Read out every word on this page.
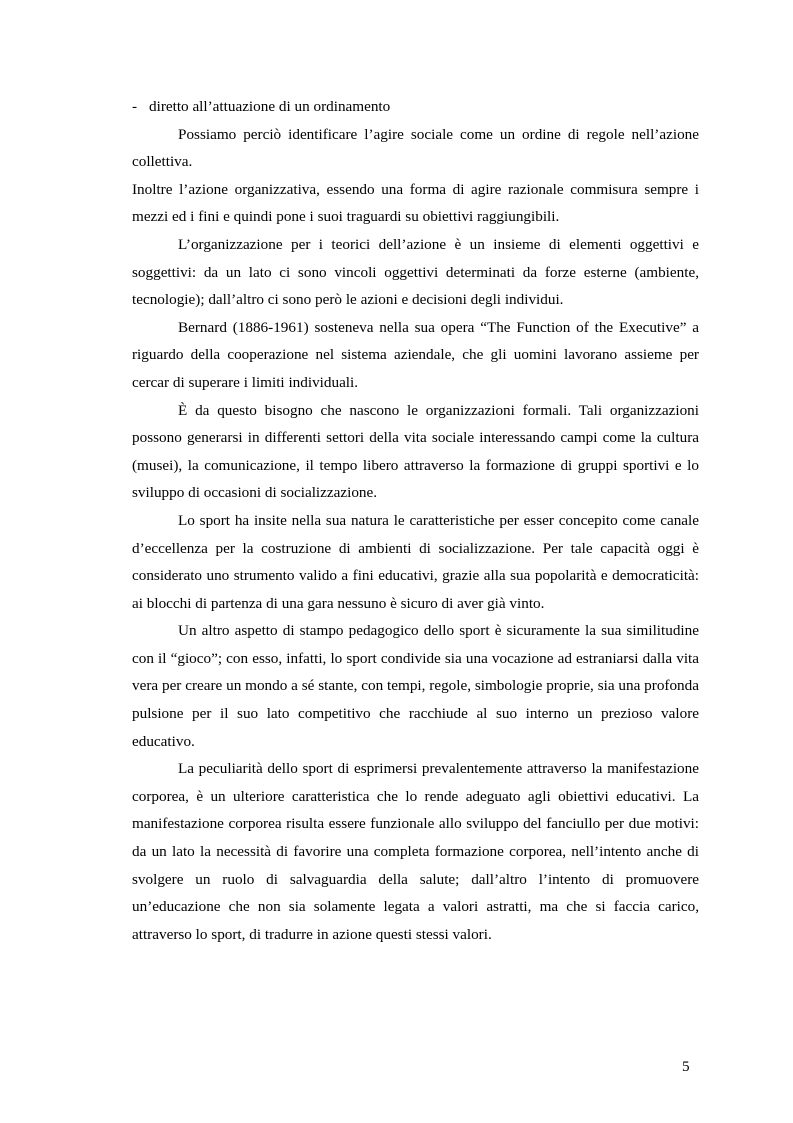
- diretto all’attuazione di un ordinamento

Possiamo perciò identificare l’agire sociale come un ordine di regole nell’azione collettiva.

Inoltre l’azione organizzativa, essendo una forma di agire razionale commisura sempre i mezzi ed i fini e quindi pone i suoi traguardi su obiettivi raggiungibili.

L’organizzazione per i teorici dell’azione è un insieme di elementi oggettivi e soggettivi: da un lato ci sono vincoli oggettivi determinati da forze esterne (ambiente, tecnologie); dall’altro ci sono però le azioni e decisioni degli individui.

Bernard (1886-1961) sosteneva nella sua opera “The Function of the Executive” a riguardo della cooperazione nel sistema aziendale, che gli uomini lavorano assieme per cercar di superare i limiti individuali.

È da questo bisogno che nascono le organizzazioni formali. Tali organizzazioni possono generarsi in differenti settori della vita sociale interessando campi come la cultura (musei), la comunicazione, il tempo libero attraverso la formazione di gruppi sportivi e lo sviluppo di occasioni di socializzazione.

Lo sport ha insite nella sua natura le caratteristiche per esser concepito come canale d’eccellenza per la costruzione di ambienti di socializzazione. Per tale capacità oggi è considerato uno strumento valido a fini educativi, grazie alla sua popolarità e democraticità: ai blocchi di partenza di una gara nessuno è sicuro di aver già vinto.

Un altro aspetto di stampo pedagogico dello sport è sicuramente la sua similitudine con il “gioco”; con esso, infatti, lo sport condivide sia una vocazione ad estraniarsi dalla vita vera per creare un mondo a sé stante, con tempi, regole, simbologie proprie, sia una profonda pulsione per il suo lato competitivo che racchiude al suo interno un prezioso valore educativo.

La peculiarità dello sport di esprimersi prevalentemente attraverso la manifestazione corporea, è un ulteriore caratteristica che lo rende adeguato agli obiettivi educativi. La manifestazione corporea risulta essere funzionale allo sviluppo del fanciullo per due motivi: da un lato la necessità di favorire una completa formazione corporea, nell’intento anche di svolgere un ruolo di salvaguardia della salute; dall’altro l’intento di promuovere un’educazione che non sia solamente legata a valori astratti, ma che si faccia carico, attraverso lo sport, di tradurre in azione questi stessi valori.

5
